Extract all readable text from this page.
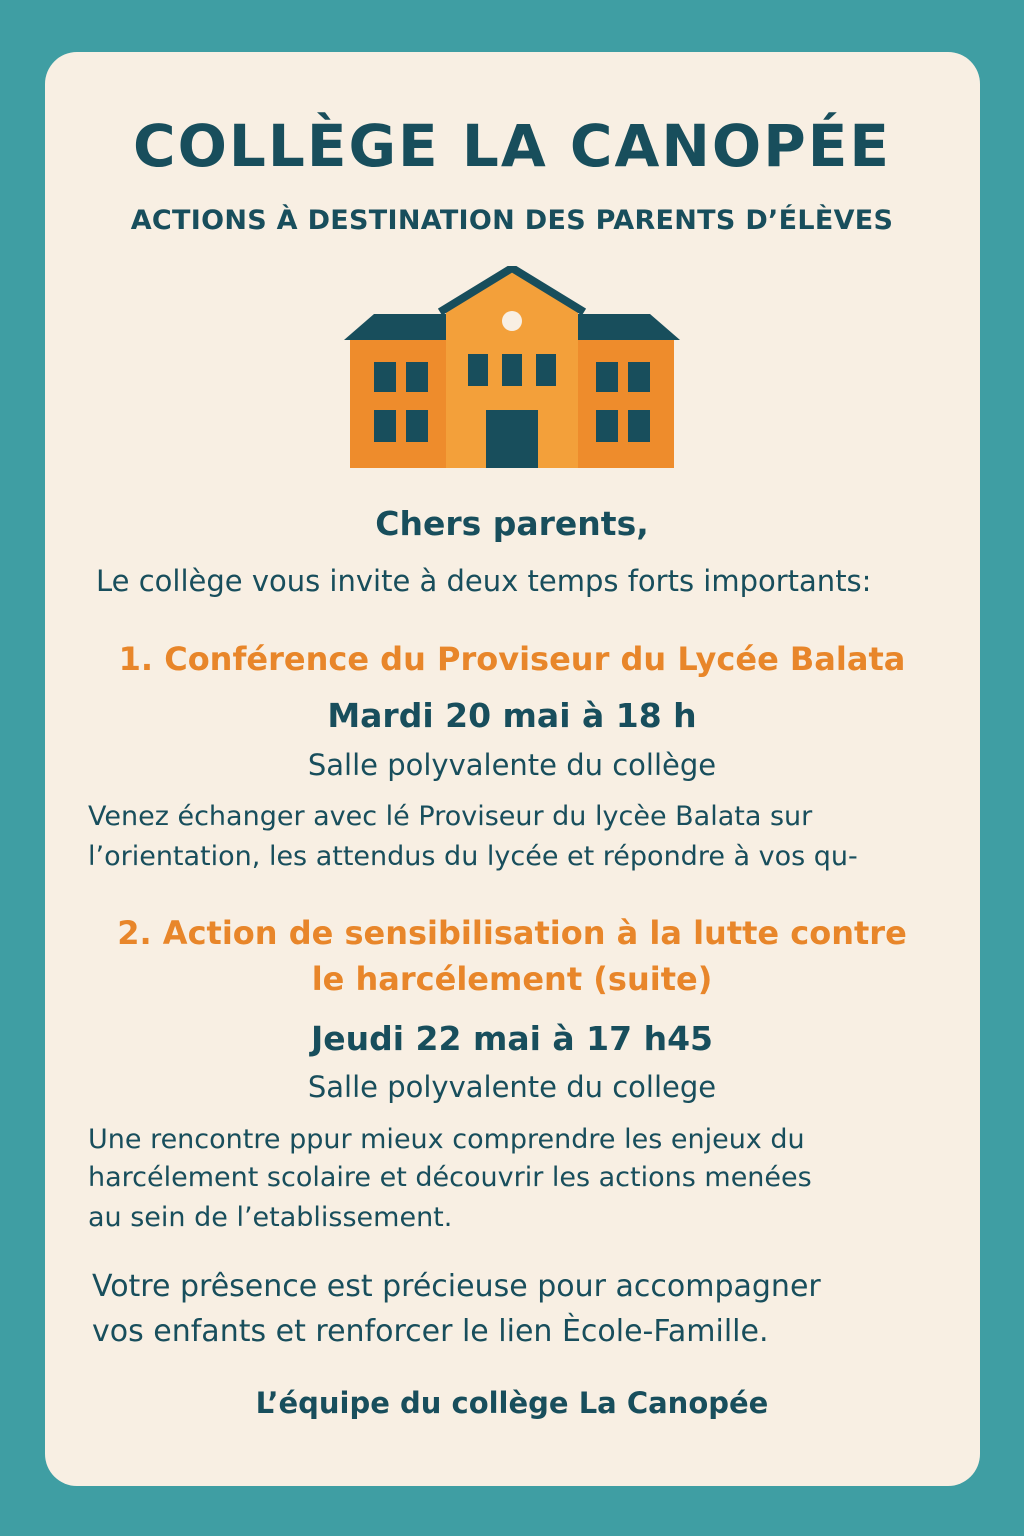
COLLÈGE LA CANOPÉE
ACTIONS À DESTINATION DES PARENTS D’ÉLÈVES

Chers parents,

Le collège vous invite à deux temps forts importants:

1. Conférence du Proviseur du Lycée Balata

Mardi 20 mai à 18 h

Salle polyvalente du collège

Venez échanger avec lé Proviseur du lycèe Balata sur

l’orientation, les attendus du lycée et répondre à vos qu-

2. Action de sensibilisation à la lutte contre

le harcélement (suite)

Jeudi 22 mai à 17 h45

Salle polyvalente du college

Une rencontre ppur mieux comprendre les enjeux du

harcélement scolaire et découvrir les actions menées

au sein de l’etablissement.

Votre prêsence est précieuse pour accompagner

vos enfants et renforcer le lien Ècole-Famille.

L’équipe du collège La Canopée
